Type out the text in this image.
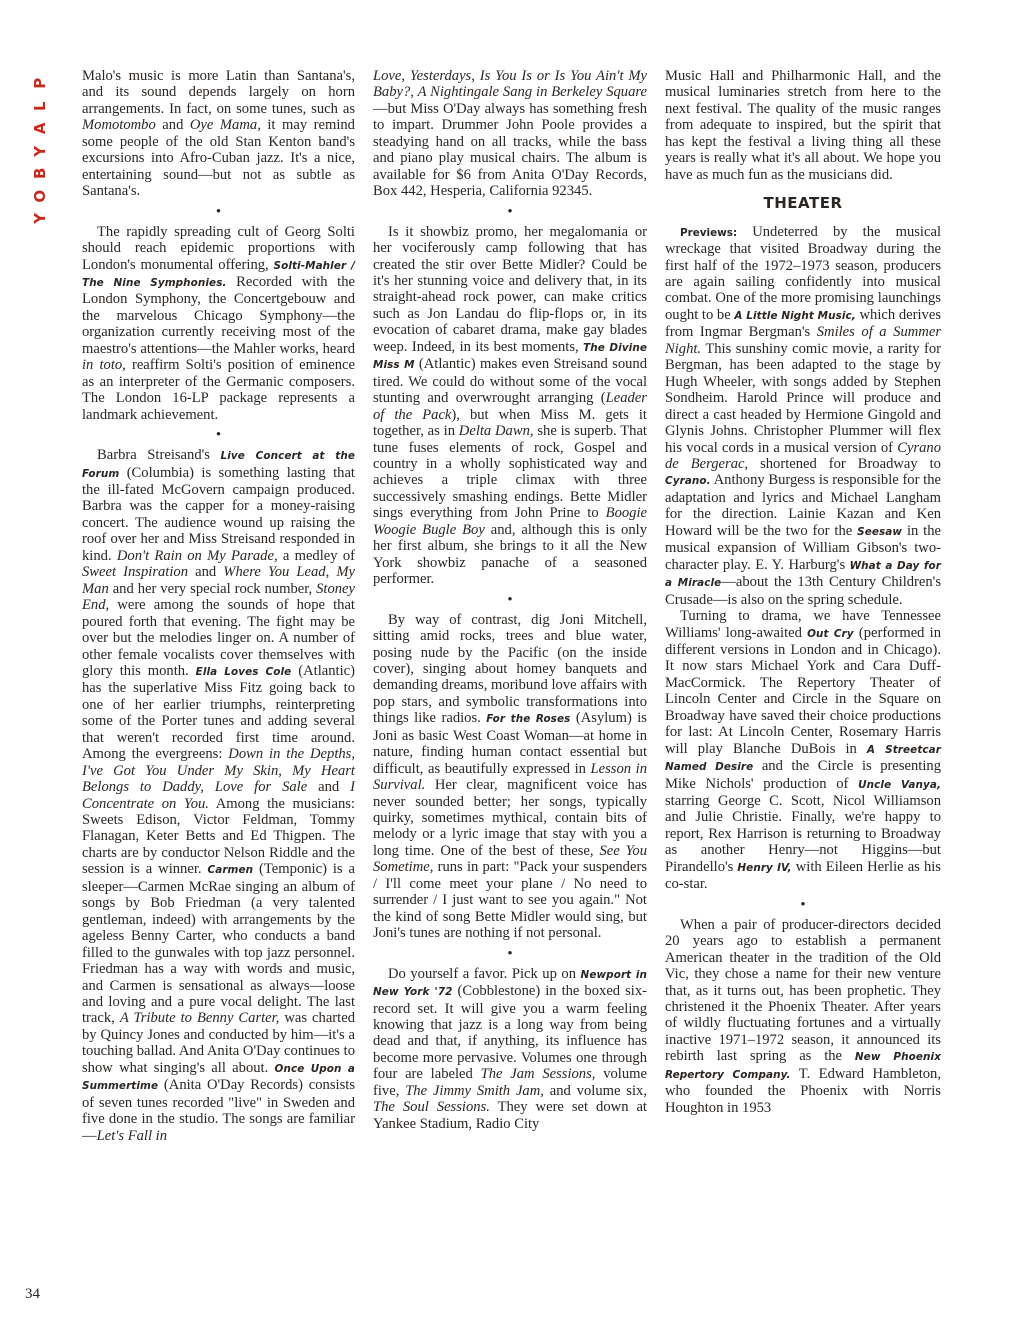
P
L
A
Y
B
O
Y

Malo's music is more Latin than Santana's, and its sound depends largely on horn arrangements. In fact, on some tunes, such as Momotombo and Oye Mama, it may remind some people of the old Stan Kenton band's excursions into Afro-Cuban jazz. It's a nice, entertaining sound—but not as subtle as Santana's.

•

The rapidly spreading cult of Georg Solti should reach epidemic proportions with London's monumental offering, Solti-Mahler / The Nine Symphonies. Recorded with the London Symphony, the Concertgebouw and the marvelous Chicago Symphony—the organization currently receiving most of the maestro's attentions—the Mahler works, heard in toto, reaffirm Solti's position of eminence as an interpreter of the Germanic composers. The London 16-LP package represents a landmark achievement.

•

Barbra Streisand's Live Concert at the Forum (Columbia) is something lasting that the ill-fated McGovern campaign produced. Barbra was the capper for a money-raising concert. The audience wound up raising the roof over her and Miss Streisand responded in kind. Don't Rain on My Parade, a medley of Sweet Inspiration and Where You Lead, My Man and her very special rock number, Stoney End, were among the sounds of hope that poured forth that evening. The fight may be over but the melodies linger on. A number of other female vocalists cover themselves with glory this month. Ella Loves Cole (Atlantic) has the superlative Miss Fitz going back to one of her earlier triumphs, reinterpreting some of the Porter tunes and adding several that weren't recorded first time around. Among the evergreens: Down in the Depths, I've Got You Under My Skin, My Heart Belongs to Daddy, Love for Sale and I Concentrate on You. Among the musicians: Sweets Edison, Victor Feldman, Tommy Flanagan, Keter Betts and Ed Thigpen. The charts are by conductor Nelson Riddle and the session is a winner. Carmen (Temponic) is a sleeper—Carmen McRae singing an album of songs by Bob Friedman (a very talented gentleman, indeed) with arrangements by the ageless Benny Carter, who conducts a band filled to the gunwales with top jazz personnel. Friedman has a way with words and music, and Carmen is sensational as always—loose and loving and a pure vocal delight. The last track, A Tribute to Benny Carter, was charted by Quincy Jones and conducted by him—it's a touching ballad. And Anita O'Day continues to show what singing's all about. Once Upon a Summertime (Anita O'Day Records) consists of seven tunes recorded "live" in Sweden and five done in the studio. The songs are familiar—Let's Fall in

Love, Yesterdays, Is You Is or Is You Ain't My Baby?, A Nightingale Sang in Berkeley Square—but Miss O'Day always has something fresh to impart. Drummer John Poole provides a steadying hand on all tracks, while the bass and piano play musical chairs. The album is available for $6 from Anita O'Day Records, Box 442, Hesperia, California 92345.

•

Is it showbiz promo, her megalomania or her vociferously camp following that has created the stir over Bette Midler? Could be it's her stunning voice and delivery that, in its straight-ahead rock power, can make critics such as Jon Landau do flip-flops or, in its evocation of cabaret drama, make gay blades weep. Indeed, in its best moments, The Divine Miss M (Atlantic) makes even Streisand sound tired. We could do without some of the vocal stunting and overwrought arranging (Leader of the Pack), but when Miss M. gets it together, as in Delta Dawn, she is superb. That tune fuses elements of rock, Gospel and country in a wholly sophisticated way and achieves a triple climax with three successively smashing endings. Bette Midler sings everything from John Prine to Boogie Woogie Bugle Boy and, although this is only her first album, she brings to it all the New York showbiz panache of a seasoned performer.

•

By way of contrast, dig Joni Mitchell, sitting amid rocks, trees and blue water, posing nude by the Pacific (on the inside cover), singing about homey banquets and demanding dreams, moribund love affairs with pop stars, and symbolic transformations into things like radios. For the Roses (Asylum) is Joni as basic West Coast Woman—at home in nature, finding human contact essential but difficult, as beautifully expressed in Lesson in Survival. Her clear, magnificent voice has never sounded better; her songs, typically quirky, sometimes mythical, contain bits of melody or a lyric image that stay with you a long time. One of the best of these, See You Sometime, runs in part: "Pack your suspenders / I'll come meet your plane / No need to surrender / I just want to see you again." Not the kind of song Bette Midler would sing, but Joni's tunes are nothing if not personal.

•

Do yourself a favor. Pick up on Newport in New York '72 (Cobblestone) in the boxed six-record set. It will give you a warm feeling knowing that jazz is a long way from being dead and that, if anything, its influence has become more pervasive. Volumes one through four are labeled The Jam Sessions, volume five, The Jimmy Smith Jam, and volume six, The Soul Sessions. They were set down at Yankee Stadium, Radio City

Music Hall and Philharmonic Hall, and the musical luminaries stretch from here to the next festival. The quality of the music ranges from adequate to inspired, but the spirit that has kept the festival a living thing all these years is really what it's all about. We hope you have as much fun as the musicians did.

THEATER

Previews: Undeterred by the musical wreckage that visited Broadway during the first half of the 1972–1973 season, producers are again sailing confidently into musical combat. One of the more promising launchings ought to be A Little Night Music, which derives from Ingmar Bergman's Smiles of a Summer Night. This sunshiny comic movie, a rarity for Bergman, has been adapted to the stage by Hugh Wheeler, with songs added by Stephen Sondheim. Harold Prince will produce and direct a cast headed by Hermione Gingold and Glynis Johns. Christopher Plummer will flex his vocal cords in a musical version of Cyrano de Bergerac, shortened for Broadway to Cyrano. Anthony Burgess is responsible for the adaptation and lyrics and Michael Langham for the direction. Lainie Kazan and Ken Howard will be the two for the Seesaw in the musical expansion of William Gibson's two-character play. E. Y. Harburg's What a Day for a Miracle—about the 13th Century Children's Crusade—is also on the spring schedule.

Turning to drama, we have Tennessee Williams' long-awaited Out Cry (performed in different versions in London and in Chicago). It now stars Michael York and Cara Duff-MacCormick. The Repertory Theater of Lincoln Center and Circle in the Square on Broadway have saved their choice productions for last: At Lincoln Center, Rosemary Harris will play Blanche DuBois in A Streetcar Named Desire and the Circle is presenting Mike Nichols' production of Uncle Vanya, starring George C. Scott, Nicol Williamson and Julie Christie. Finally, we're happy to report, Rex Harrison is returning to Broadway as another Henry—not Higgins—but Pirandello's Henry IV, with Eileen Herlie as his co-star.

•

When a pair of producer-directors decided 20 years ago to establish a permanent American theater in the tradition of the Old Vic, they chose a name for their new venture that, as it turns out, has been prophetic. They christened it the Phoenix Theater. After years of wildly fluctuating fortunes and a virtually inactive 1971–1972 season, it announced its rebirth last spring as the New Phoenix Repertory Company. T. Edward Hambleton, who founded the Phoenix with Norris Houghton in 1953

34
